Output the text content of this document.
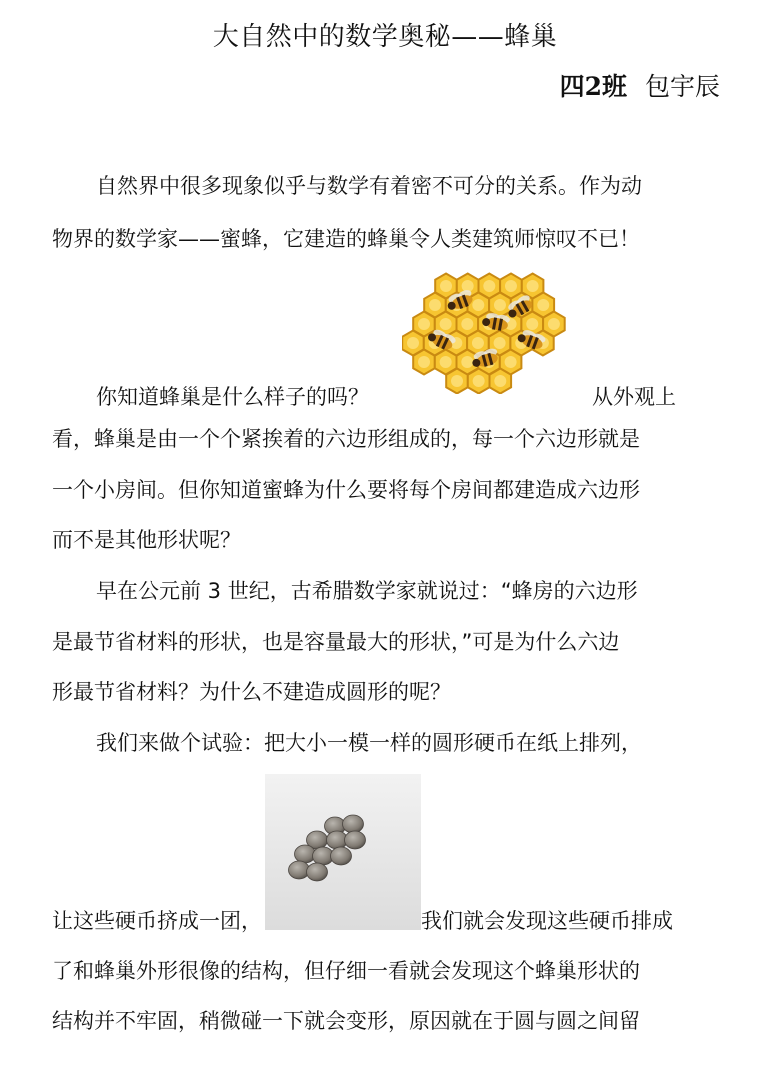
大自然中的数学奥秘——蜂巢
四2班 包宇辰
自然界中很多现象似乎与数学有着密不可分的关系。作为动
物界的数学家——蜜蜂，它建造的蜂巢令人类建筑师惊叹不已！
你知道蜂巢是什么样子的吗？	从外观上
看，蜂巢是由一个个紧挨着的六边形组成的，每一个六边形就是
一个小房间。但你知道蜜蜂为什么要将每个房间都建造成六边形
而不是其他形状呢？
早在公元前 3 世纪，古希腊数学家就说过：“蜂房的六边形
是最节省材料的形状，也是容量最大的形状，”可是为什么六边
形最节省材料？为什么不建造成圆形的呢？
我们来做个试验：把大小一模一样的圆形硬币在纸上排列，
让这些硬币挤成一团，	我们就会发现这些硬币排成
了和蜂巢外形很像的结构，但仔细一看就会发现这个蜂巢形状的
结构并不牢固，稍微碰一下就会变形，原因就在于圆与圆之间留
